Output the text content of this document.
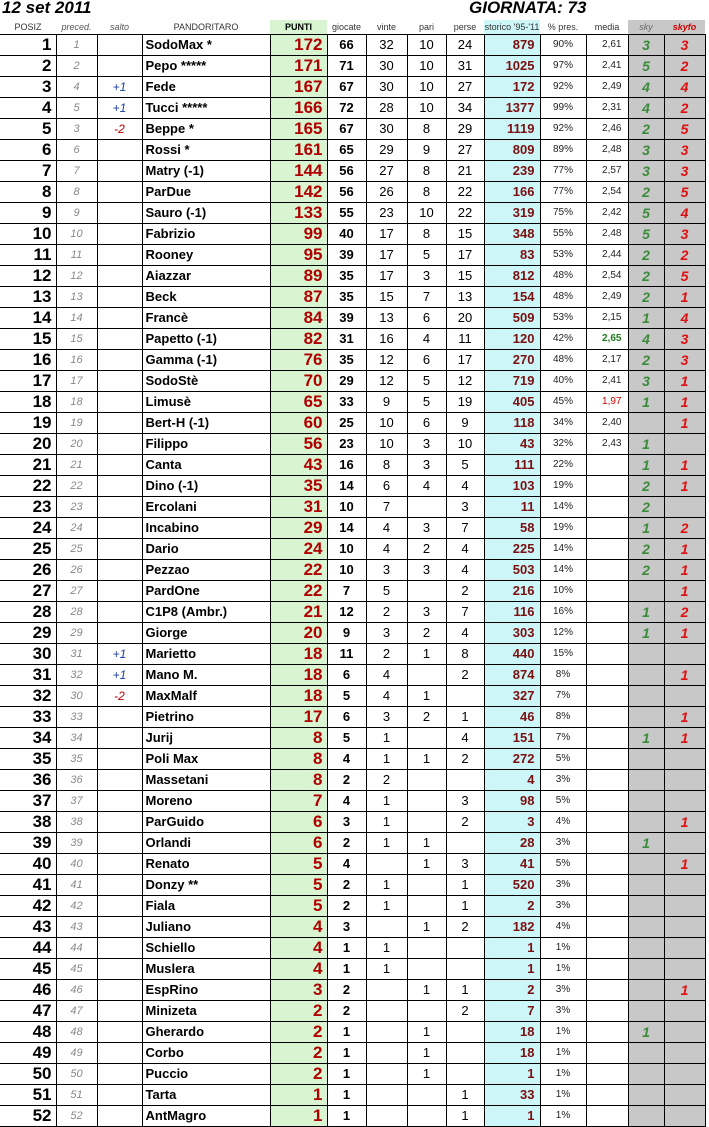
12 set 2011	GIORNATA: 73
POSIZ	preced.	salto	PANDORITARO	PUNTI	giocate	vinte	pari	perse	storico '95-'11	% pres.	media	sky	skyfo
1	1		SodoMax *	172	66	32	10	24	879	90%	2,61	3	3
2	2		Pepo *****	171	71	30	10	31	1025	97%	2,41	5	2
3	4	+1	Fede	167	67	30	10	27	172	92%	2,49	4	4
4	5	+1	Tucci *****	166	72	28	10	34	1377	99%	2,31	4	2
5	3	-2	Beppe *	165	67	30	8	29	1119	92%	2,46	2	5
6	6		Rossi *	161	65	29	9	27	809	89%	2,48	3	3
7	7		Matry (-1)	144	56	27	8	21	239	77%	2,57	3	3
8	8		ParDue	142	56	26	8	22	166	77%	2,54	2	5
9	9		Sauro (-1)	133	55	23	10	22	319	75%	2,42	5	4
10	10		Fabrizio	99	40	17	8	15	348	55%	2,48	5	3
11	11		Rooney	95	39	17	5	17	83	53%	2,44	2	2
12	12		Aiazzar	89	35	17	3	15	812	48%	2,54	2	5
13	13		Beck	87	35	15	7	13	154	48%	2,49	2	1
14	14		Francè	84	39	13	6	20	509	53%	2,15	1	4
15	15		Papetto (-1)	82	31	16	4	11	120	42%	2,65	4	3
16	16		Gamma (-1)	76	35	12	6	17	270	48%	2,17	2	3
17	17		SodoStè	70	29	12	5	12	719	40%	2,41	3	1
18	18		Limusè	65	33	9	5	19	405	45%	1,97	1	1
19	19		Bert-H (-1)	60	25	10	6	9	118	34%	2,40		1
20	20		Filippo	56	23	10	3	10	43	32%	2,43	1	
21	21		Canta	43	16	8	3	5	111	22%		1	1
22	22		Dino (-1)	35	14	6	4	4	103	19%		2	1
23	23		Ercolani	31	10	7		3	11	14%		2	
24	24		Incabino	29	14	4	3	7	58	19%		1	2
25	25		Dario	24	10	4	2	4	225	14%		2	1
26	26		Pezzao	22	10	3	3	4	503	14%		2	1
27	27		PardOne	22	7	5		2	216	10%			1
28	28		C1P8 (Ambr.)	21	12	2	3	7	116	16%		1	2
29	29		Giorge	20	9	3	2	4	303	12%		1	1
30	31	+1	Marietto	18	11	2	1	8	440	15%			
31	32	+1	Mano M.	18	6	4		2	874	8%			1
32	30	-2	MaxMalf	18	5	4	1		327	7%			
33	33		Pietrino	17	6	3	2	1	46	8%			1
34	34		Jurij	8	5	1		4	151	7%		1	1
35	35		Poli Max	8	4	1	1	2	272	5%			
36	36		Massetani	8	2	2			4	3%			
37	37		Moreno	7	4	1		3	98	5%			
38	38		ParGuido	6	3	1		2	3	4%			1
39	39		Orlandi	6	2	1	1		28	3%		1	
40	40		Renato	5	4		1	3	41	5%			1
41	41		Donzy **	5	2	1		1	520	3%			
42	42		Fiala	5	2	1		1	2	3%			
43	43		Juliano	4	3		1	2	182	4%			
44	44		Schiello	4	1	1			1	1%			
45	45		Muslera	4	1	1			1	1%			
46	46		EspRino	3	2		1	1	2	3%			1
47	47		Minizeta	2	2			2	7	3%			
48	48		Gherardo	2	1		1		18	1%		1	
49	49		Corbo	2	1		1		18	1%			
50	50		Puccio	2	1		1		1	1%			
51	51		Tarta	1	1			1	33	1%			
52	52		AntMagro	1	1			1	1	1%			
